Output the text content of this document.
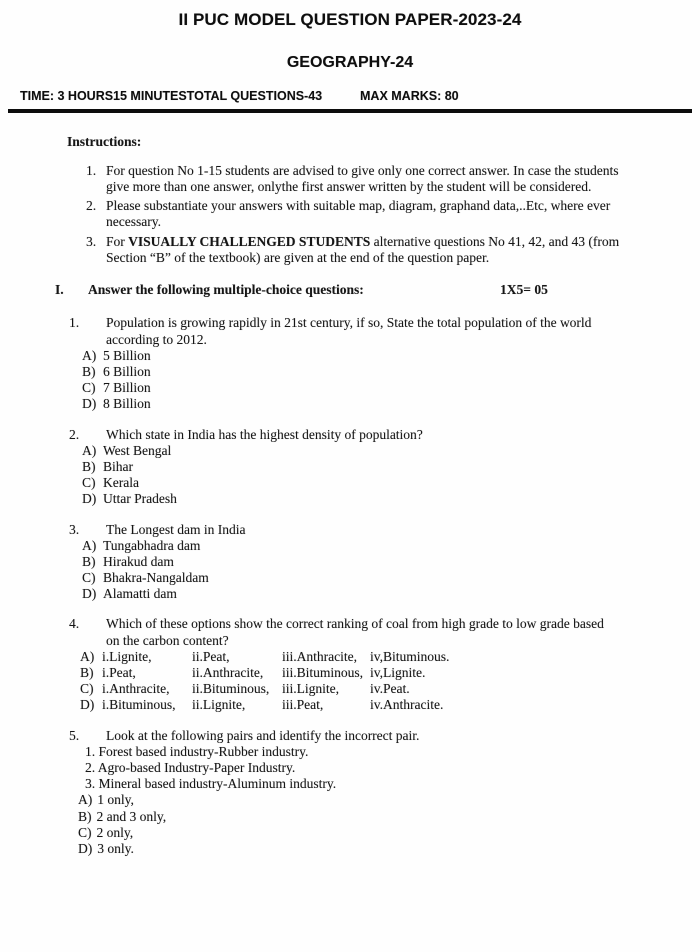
II PUC MODEL QUESTION PAPER-2023-24
GEOGRAPHY-24
TIME: 3 HOURS15 MINUTESTOTAL QUESTIONS-43	MAX MARKS: 80
Instructions:
1. For question No 1-15 students are advised to give only one correct answer. In case the students give more than one answer, onlythe first answer written by the student will be considered.
2. Please substantiate your answers with suitable map, diagram, graphand data,..Etc, where ever necessary.
3. For VISUALLY CHALLENGED STUDENTS alternative questions No 41, 42, and 43 (from Section “B” of the textbook) are given at the end of the question paper.
I. Answer the following multiple-choice questions:	1X5= 05
1.	Population is growing rapidly in 21st century, if so, State the total population of the world according to 2012.
A) 5 Billion
B) 6 Billion
C) 7 Billion
D) 8 Billion
2.	Which state in India has the highest density of population?
A) West Bengal
B) Bihar
C) Kerala
D) Uttar Pradesh
3.	The Longest dam in India
A) Tungabhadra dam
B) Hirakud dam
C) Bhakra-Nangaldam
D) Alamatti dam
4.	Which of these options show the correct ranking of coal from high grade to low grade based on the carbon content?
A) i.Lignite,	ii.Peat,	iii.Anthracite, iv,Bituminous.
B) i.Peat,	ii.Anthracite,	iii.Bituminous, iv,Lignite.
C) i.Anthracite,	ii.Bituminous, iii.Lignite,	iv.Peat.
D) i.Bituminous,	ii.Lignite,	iii.Peat,	iv.Anthracite.
5.	Look at the following pairs and identify the incorrect pair.
1. Forest based industry-Rubber industry.
2. Agro-based Industry-Paper Industry.
3. Mineral based industry-Aluminum industry.
A) 1 only,
B) 2 and 3 only,
C) 2 only,
D) 3 only.
